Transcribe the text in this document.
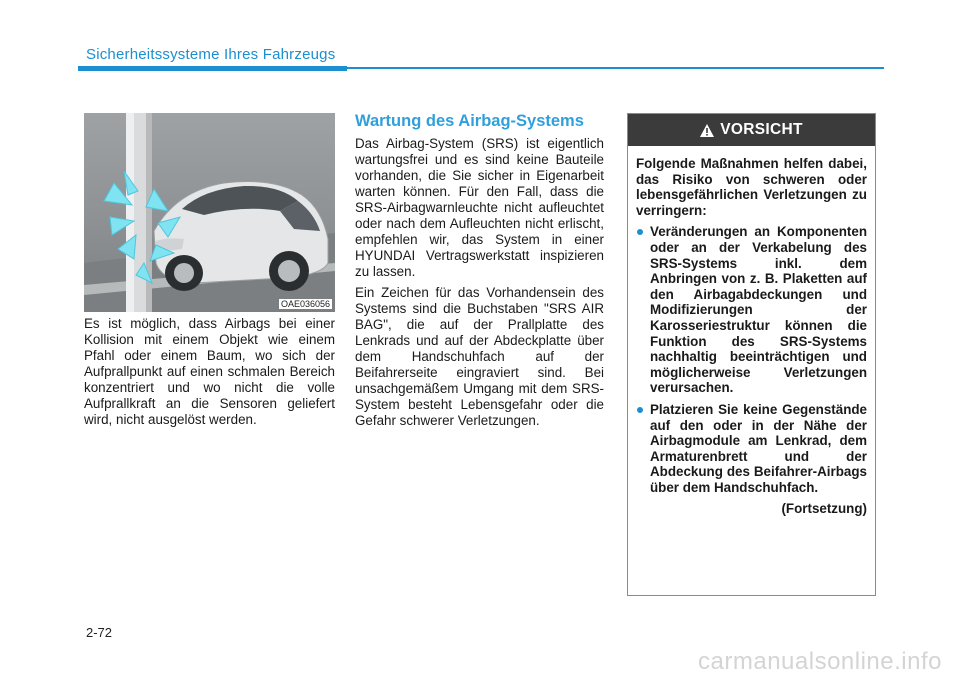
Sicherheitssysteme Ihres Fahrzeugs
OAE036056

Es ist möglich, dass Airbags bei einer Kollision mit einem Objekt wie einem Pfahl oder einem Baum, wo sich der Aufprallpunkt auf einen schmalen Bereich konzentriert und wo nicht die volle Aufprallkraft an die Sensoren geliefert wird, nicht ausgelöst werden.

Wartung des Airbag-Systems

Das Airbag-System (SRS) ist eigentlich wartungsfrei und es sind keine Bauteile vorhanden, die Sie sicher in Eigenarbeit warten können. Für den Fall, dass die SRS-Airbagwarnleuchte nicht aufleuchtet oder nach dem Aufleuchten nicht erlischt, empfehlen wir, das System in einer HYUNDAI Vertragswerkstatt inspizieren zu lassen.

Ein Zeichen für das Vorhandensein des Systems sind die Buchstaben "SRS AIR BAG", die auf der Prallplatte des Lenkrads und auf der Abdeckplatte über dem Handschuhfach auf der Beifahrerseite eingraviert sind. Bei unsachgemäßem Umgang mit dem SRS-System besteht Lebensgefahr oder die Gefahr schwerer Verletzungen.

VORSICHT

Folgende Maßnahmen helfen dabei, das Risiko von schweren oder lebensgefährlichen Verletzungen zu verringern:

Veränderungen an Komponenten oder an der Verkabelung des SRS-Systems inkl. dem Anbringen von z. B. Plaketten auf den Airbagabdeckungen und Modifizierungen der Karosseriestruktur können die Funktion des SRS-Systems nachhaltig beeinträchtigen und möglicherweise Verletzungen verursachen.
Platzieren Sie keine Gegenstände auf den oder in der Nähe der Airbagmodule am Lenkrad, dem Armaturenbrett und der Abdeckung des Beifahrer-Airbags über dem Handschuhfach.
(Fortsetzung)
2-72
carmanualsonline.info
